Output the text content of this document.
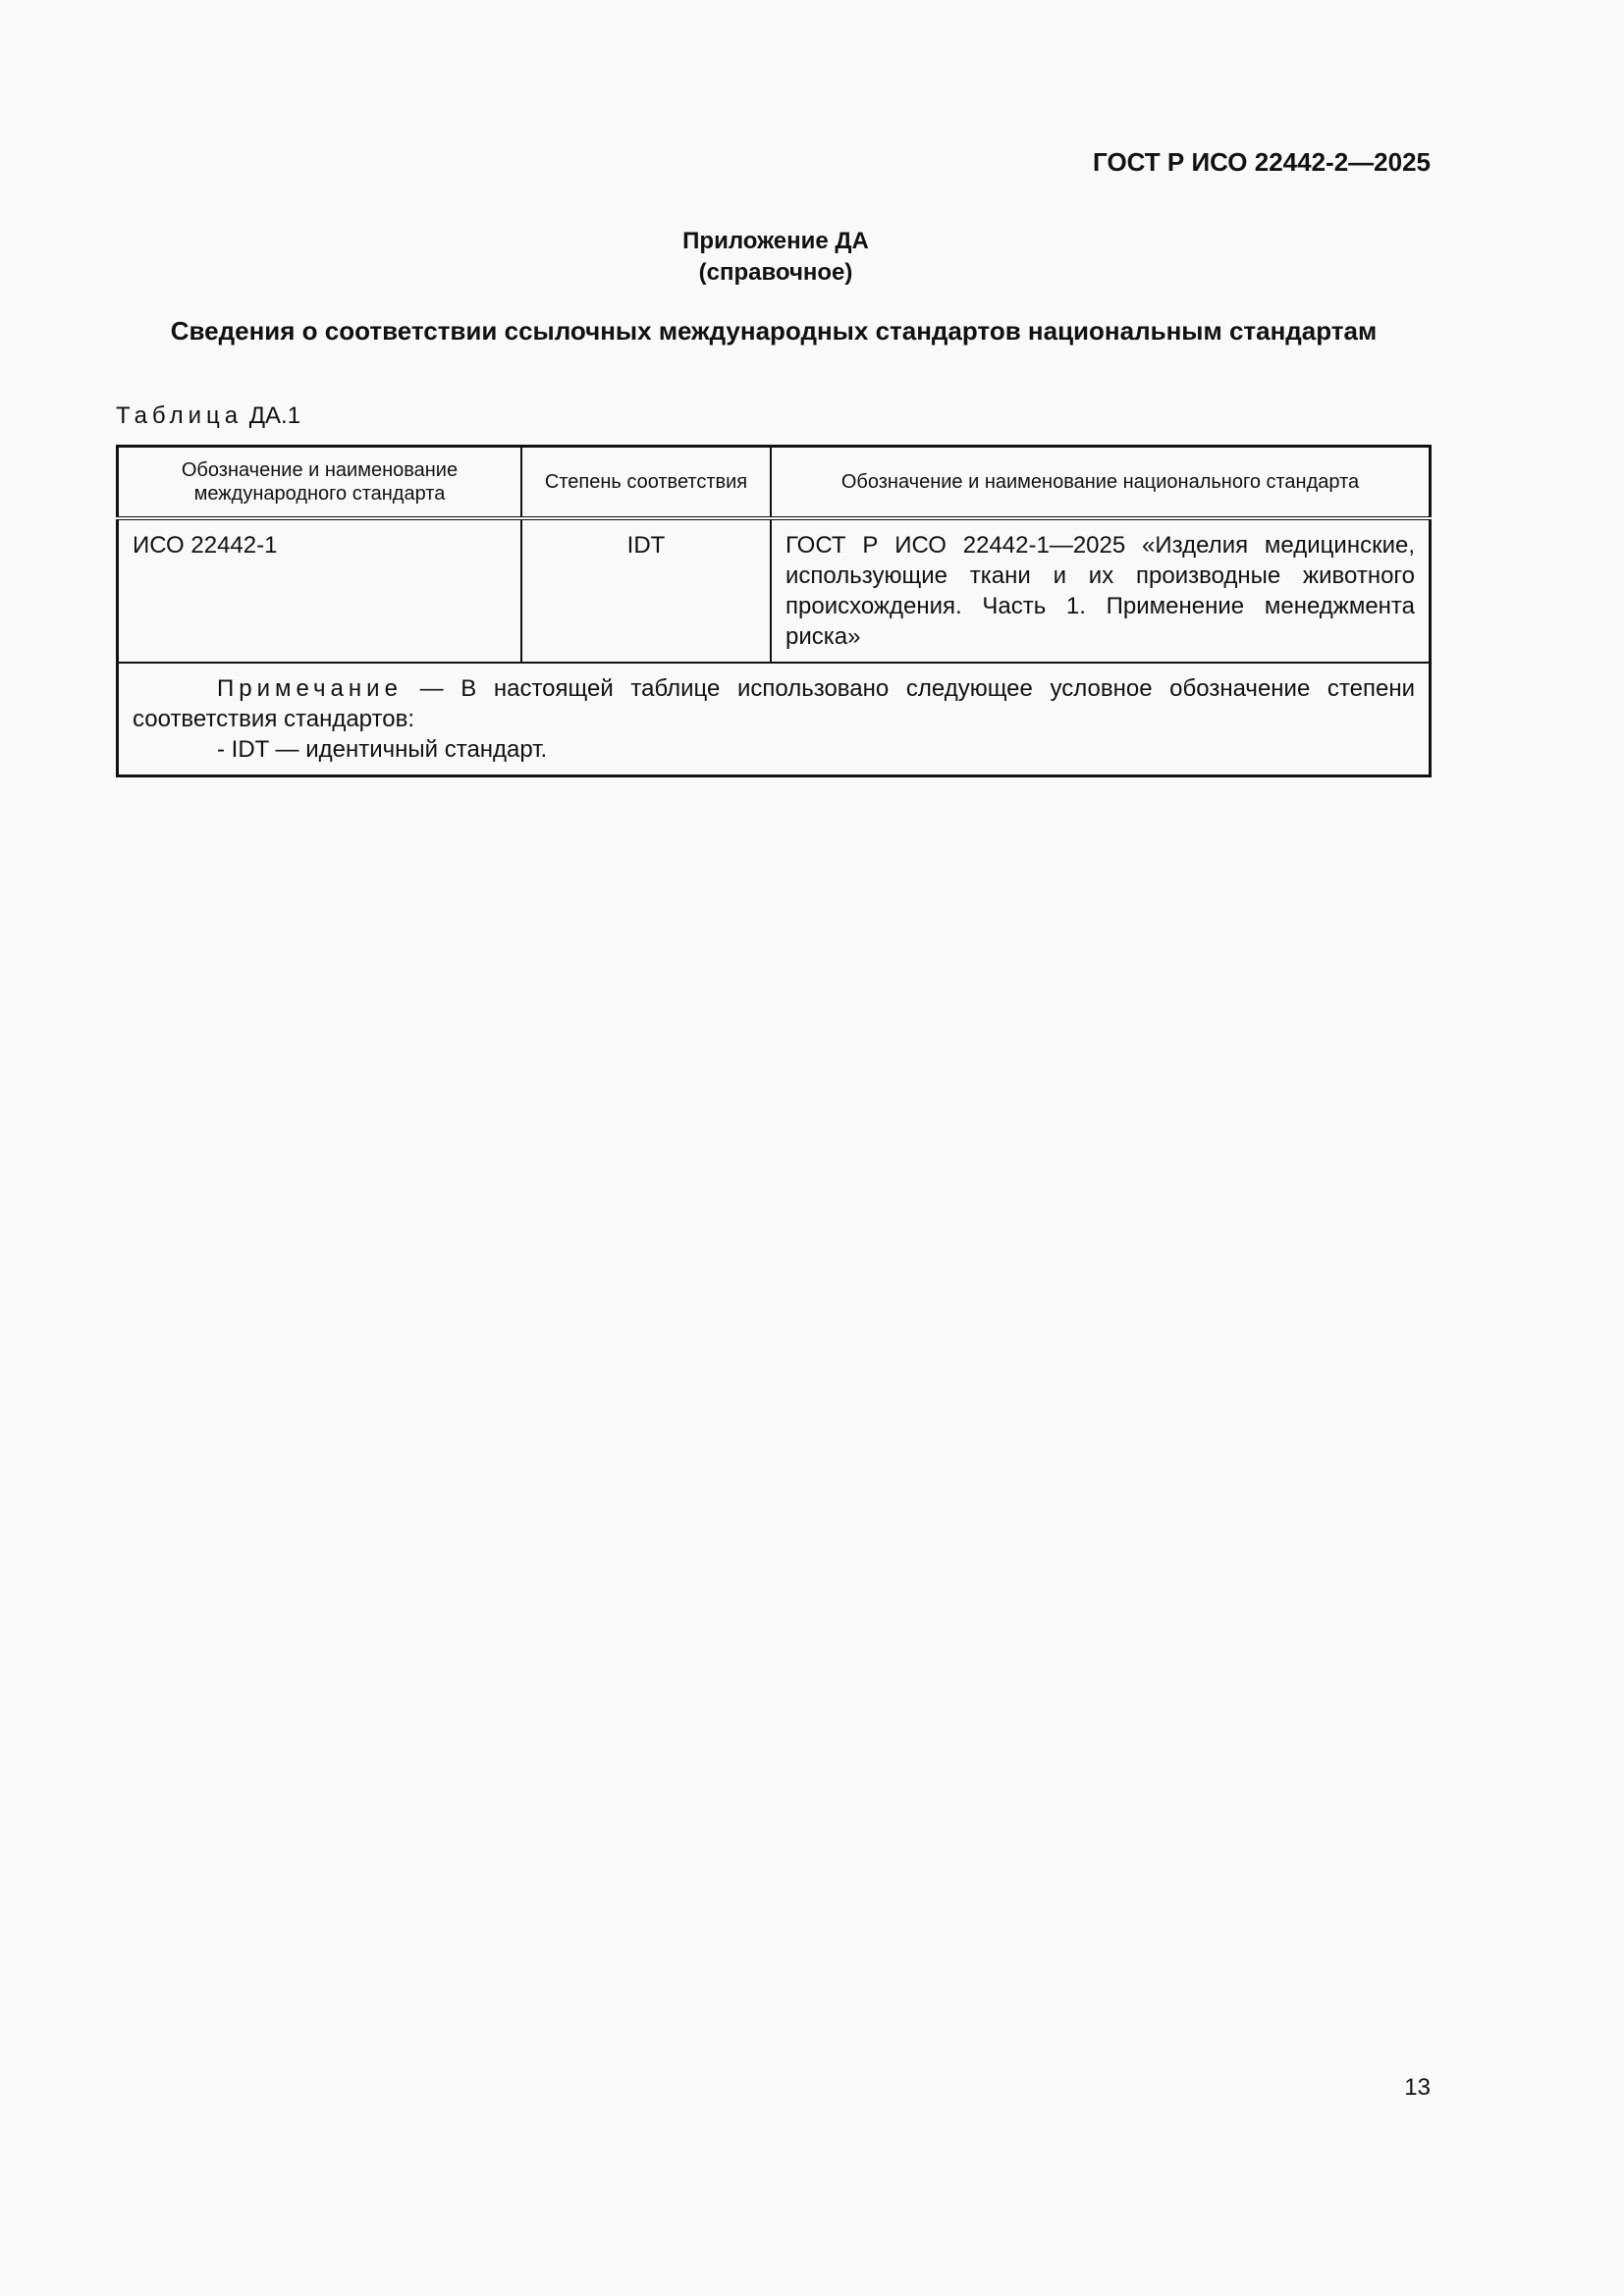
ГОСТ Р ИСО 22442-2—2025
Приложение ДА
(справочное)
Сведения о соответствии ссылочных международных стандартов национальным стандартам
Таблица ДА.1
Обозначение и наименование международного стандарта	Степень соответствия	Обозначение и наименование национального стандарта
ИСО 22442-1	IDT	ГОСТ Р ИСО 22442-1—2025 «Изделия медицинские, использующие ткани и их производные животного происхождения. Часть 1. Применение менеджмента риска»

Примечание — В настоящей таблице использовано следующее условное обозначение степени соответствия стандартов:
- IDT — идентичный стандарт.		
13
